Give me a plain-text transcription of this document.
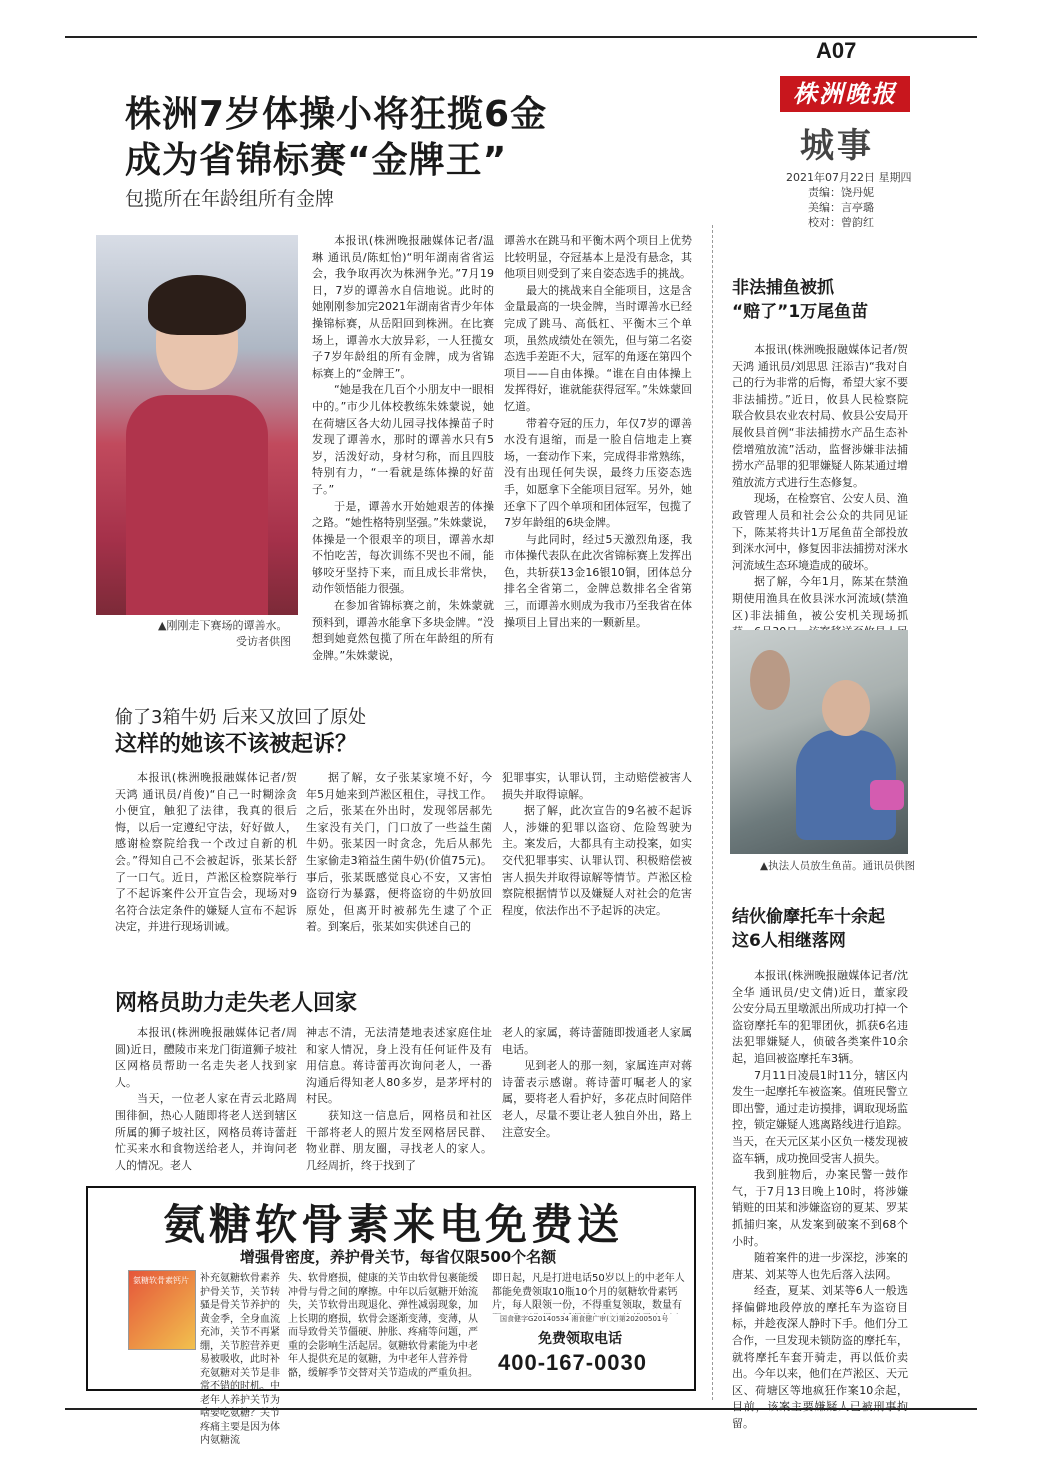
A07
株洲晚报
城事
2021年07月22日 星期四
责编：饶丹妮
美编：言亭璐
校对：曾韵红
株洲7岁体操小将狂揽6金
成为省锦标赛“金牌王”
包揽所在年龄组所有金牌
▲刚刚走下赛场的谭善水。
受访者供图

本报讯(株洲晚报融媒体记者/温琳 通讯员/陈虹怡)“明年湖南省省运会，我争取再次为株洲争光。”7月19日，7岁的谭善水自信地说。此时的她刚刚参加完2021年湖南省青少年体操锦标赛，从岳阳回到株洲。在比赛场上，谭善水大放异彩，一人狂揽女子7岁年龄组的所有金牌，成为省锦标赛上的“金牌王”。

“她是我在几百个小朋友中一眼相中的。”市少儿体校教练朱姝蒙说，她在荷塘区各大幼儿园寻找体操苗子时发现了谭善水，那时的谭善水只有5岁，活泼好动，身材匀称，而且四肢特别有力，“一看就是练体操的好苗子。”

于是，谭善水开始她艰苦的体操之路。“她性格特别坚强。”朱姝蒙说，体操是一个很艰辛的项目，谭善水却不怕吃苦，每次训练不哭也不闹，能够咬牙坚持下来，而且成长非常快，动作领悟能力很强。

在参加省锦标赛之前，朱姝蒙就预料到，谭善水能拿下多块金牌。“没想到她竟然包揽了所在年龄组的所有金牌。”朱姝蒙说，

谭善水在跳马和平衡木两个项目上优势比较明显，夺冠基本上是没有悬念，其他项目则受到了来自姿态选手的挑战。

最大的挑战来自全能项目，这是含金量最高的一块金牌，当时谭善水已经完成了跳马、高低杠、平衡木三个单项，虽然成绩处在领先，但与第二名姿态选手差距不大，冠军的角逐在第四个项目——自由体操。“谁在自由体操上发挥得好，谁就能获得冠军。”朱姝蒙回忆道。

带着夺冠的压力，年仅7岁的谭善水没有退缩，而是一脸自信地走上赛场，一套动作下来，完成得非常熟练，没有出现任何失误，最终力压姿态选手，如愿拿下全能项目冠军。另外，她还拿下了四个单项和团体冠军，包揽了7岁年龄组的6块金牌。

与此同时，经过5天激烈角逐，我市体操代表队在此次省锦标赛上发挥出色，共斩获13金16银10铜，团体总分排名全省第二，金牌总数排名全省第三，而谭善水则成为我市乃至我省在体操项目上冒出来的一颗新星。

偷了3箱牛奶 后来又放回了原处
这样的她该不该被起诉？

本报讯(株洲晚报融媒体记者/贺天鸿 通讯员/肖俊)“自己一时糊涂贪小便宜，触犯了法律，我真的很后悔，以后一定遵纪守法，好好做人，感谢检察院给我一个改过自新的机会。”得知自己不会被起诉，张某长舒了一口气。近日，芦淞区检察院举行了不起诉案件公开宣告会，现场对9名符合法定条件的嫌疑人宣布不起诉决定，并进行现场训诫。

据了解，女子张某家境不好，今年5月她来到芦淞区租住，寻找工作。之后，张某在外出时，发现邻居郝先生家没有关门，门口放了一些益生菌牛奶。张某因一时贪念，先后从郝先生家偷走3箱益生菌牛奶(价值75元)。事后，张某既感觉良心不安，又害怕盗窃行为暴露，便将盗窃的牛奶放回原处，但离开时被郝先生逮了个正着。到案后，张某如实供述自己的

犯罪事实，认罪认罚，主动赔偿被害人损失并取得谅解。

据了解，此次宣告的9名被不起诉人，涉嫌的犯罪以盗窃、危险驾驶为主。案发后，大都具有主动投案，如实交代犯罪事实、认罪认罚、积极赔偿被害人损失并取得谅解等情节。芦淞区检察院根据情节以及嫌疑人对社会的危害程度，依法作出不予起诉的决定。

网格员助力走失老人回家

本报讯(株洲晚报融媒体记者/周圆)近日，醴陵市来龙门街道狮子坡社区网格员帮助一名走失老人找到家人。

当天，一位老人家在青云北路周围徘徊，热心人随即将老人送到辖区所属的狮子坡社区，网格员蒋诗蕾赶忙买来水和食物送给老人，并询问老人的情况。老人

神志不清，无法清楚地表述家庭住址和家人情况，身上没有任何证件及有用信息。蒋诗蕾再次询问老人，一番沟通后得知老人80多岁，是茅坪村的村民。

获知这一信息后，网格员和社区干部将老人的照片发至网格居民群、物业群、朋友圈，寻找老人的家人。几经周折，终于找到了

老人的家属，蒋诗蕾随即拨通老人家属电话。

见到老人的那一刻，家属连声对蒋诗蕾表示感谢。蒋诗蕾叮嘱老人的家属，要将老人看护好，多花点时间陪伴老人，尽量不要让老人独自外出，路上注意安全。

非法捕鱼被抓
“赔了”1万尾鱼苗

本报讯(株洲晚报融媒体记者/贺天鸿 通讯员/刘思思 汪添吉)“我对自己的行为非常的后悔，希望大家不要非法捕捞。”近日，攸县人民检察院联合攸县农业农村局、攸县公安局开展攸县首例“非法捕捞水产品生态补偿增殖放流”活动，监督涉嫌非法捕捞水产品罪的犯罪嫌疑人陈某通过增殖放流方式进行生态修复。

现场，在检察官、公安人员、渔政管理人员和社会公众的共同见证下，陈某将共计1万尾鱼苗全部投放到洣水河中，修复因非法捕捞对洣水河流域生态环境造成的破坏。

据了解，今年1月，陈某在禁渔期使用渔具在攸县洣水河流域(禁渔区)非法捕鱼，被公安机关现场抓

▲执法人员放生鱼苗。通讯员供图
结伙偷摩托车十余起
这6人相继落网

本报讯(株洲晚报融媒体记者/沈全华 通讯员/史文倩)近日，董家段公安分局五里墩派出所成功打掉一个盗窃摩托车的犯罪团伙，抓获6名违法犯罪嫌疑人，侦破各类案件10余起，追回被盗摩托车3辆。

7月11日凌晨1时11分，辖区内发生一起摩托车被盗案。值班民警立即出警，通过走访摸排，调取现场监控，锁定嫌疑人逃离路线进行追踪。当天，在天元区某小区负一楼发现被盗车辆，成功挽回受害人损失。

我到脏物后，办案民警一鼓作气，于7月13日晚上10时，将涉嫌销赃的田某和涉嫌盗窃的夏某、罗某抓捕归案，从发案到破案不到68个小时。

随着案件的进一步深挖，涉案的唐某、刘某等人也先后落入法网。

经查，夏某、刘某等6人一般选择偏僻地段停放的摩托车为盗窃目标，并趁夜深人静时下手。他们分工合作，一旦发现未锁防盗的摩托车，就将摩托车套开骑走，再以低价卖出。今年以来，他们在芦淞区、天元区、荷塘区等地疯狂作案10余起，目前，该案主要嫌疑人已被刑事拘留。

氨糖软骨素来电免费送
增强骨密度，养护骨关节，每省仅限500个名额
氨糖软骨素钙片	补充氨糖软骨素养护骨关节，关节转骚是骨关节养护的黄金季，全身血流充沛，关节不再紧绷，关节腔营养更易被吸收，此时补充氨糖对关节是非常不错的时机。中老年人养护关节为啥要吃氨糖？关节疼痛主要是因为体内氨糖流
失、软骨磨损，健康的关节由软骨包裹能缓冲骨与骨之间的摩擦。中年以后氨糖开始流失，关节软骨出现退化、弹性减弱现象，加上长期的磨损，软骨会逐渐变薄，变薄，从而导致骨关节僵硬、肿胀、疼痛等问题，严重的会影响生活起居。氨糖软骨素能为中老年人提供充足的氨糖，为中老年人营养骨骼，缓解季节交替对关节造成的严重负担。
即日起，凡是打进电话50岁以上的中老年人都能免费领取10瓶10个月的氨糖软骨素钙片，每人限领一份，不得重复领取，数量有
国食健字G20140534 湘食健广审(文)第20200501号
免费领取电话
400-167-0030
